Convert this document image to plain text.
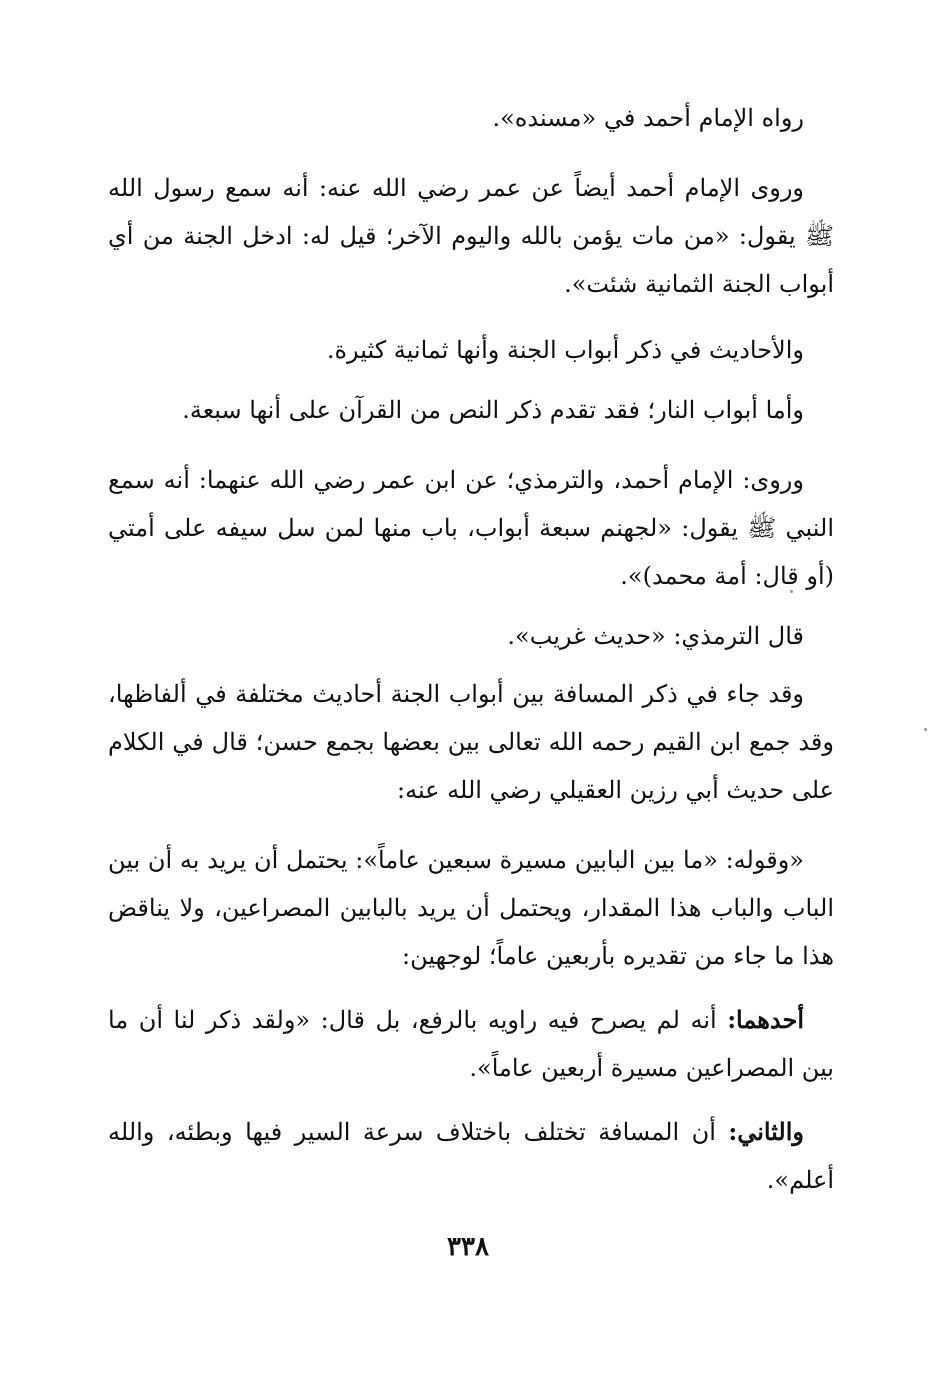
رواه الإمام أحمد في «مسنده».

وروى الإمام أحمد أيضاً عن عمر رضي الله عنه: أنه سمع رسول الله ﷺ يقول: «من مات يؤمن بالله واليوم الآخر؛ قيل له: ادخل الجنة من أي أبواب الجنة الثمانية شئت».

والأحاديث في ذكر أبواب الجنة وأنها ثمانية كثيرة.

وأما أبواب النار؛ فقد تقدم ذكر النص من القرآن على أنها سبعة.

وروى: الإمام أحمد، والترمذي؛ عن ابن عمر رضي الله عنهما: أنه سمع النبي ﷺ يقول: «لجهنم سبعة أبواب، باب منها لمن سل سيفه على أمتي (أو قال: أمة محمد)».

قال الترمذي: «حديث غريب».

وقد جاء في ذكر المسافة بين أبواب الجنة أحاديث مختلفة في ألفاظها، وقد جمع ابن القيم رحمه الله تعالى بين بعضها بجمع حسن؛ قال في الكلام على حديث أبي رزين العقيلي رضي الله عنه:

«وقوله: «ما بين البابين مسيرة سبعين عاماً»: يحتمل أن يريد به أن بين الباب والباب هذا المقدار، ويحتمل أن يريد بالبابين المصراعين، ولا يناقض هذا ما جاء من تقديره بأربعين عاماً؛ لوجهين:

أحدهما: أنه لم يصرح فيه راويه بالرفع، بل قال: «ولقد ذكر لنا أن ما بين المصراعين مسيرة أربعين عاماً».

والثاني: أن المسافة تختلف باختلاف سرعة السير فيها وبطئه، والله أعلم».

٣٣٨
